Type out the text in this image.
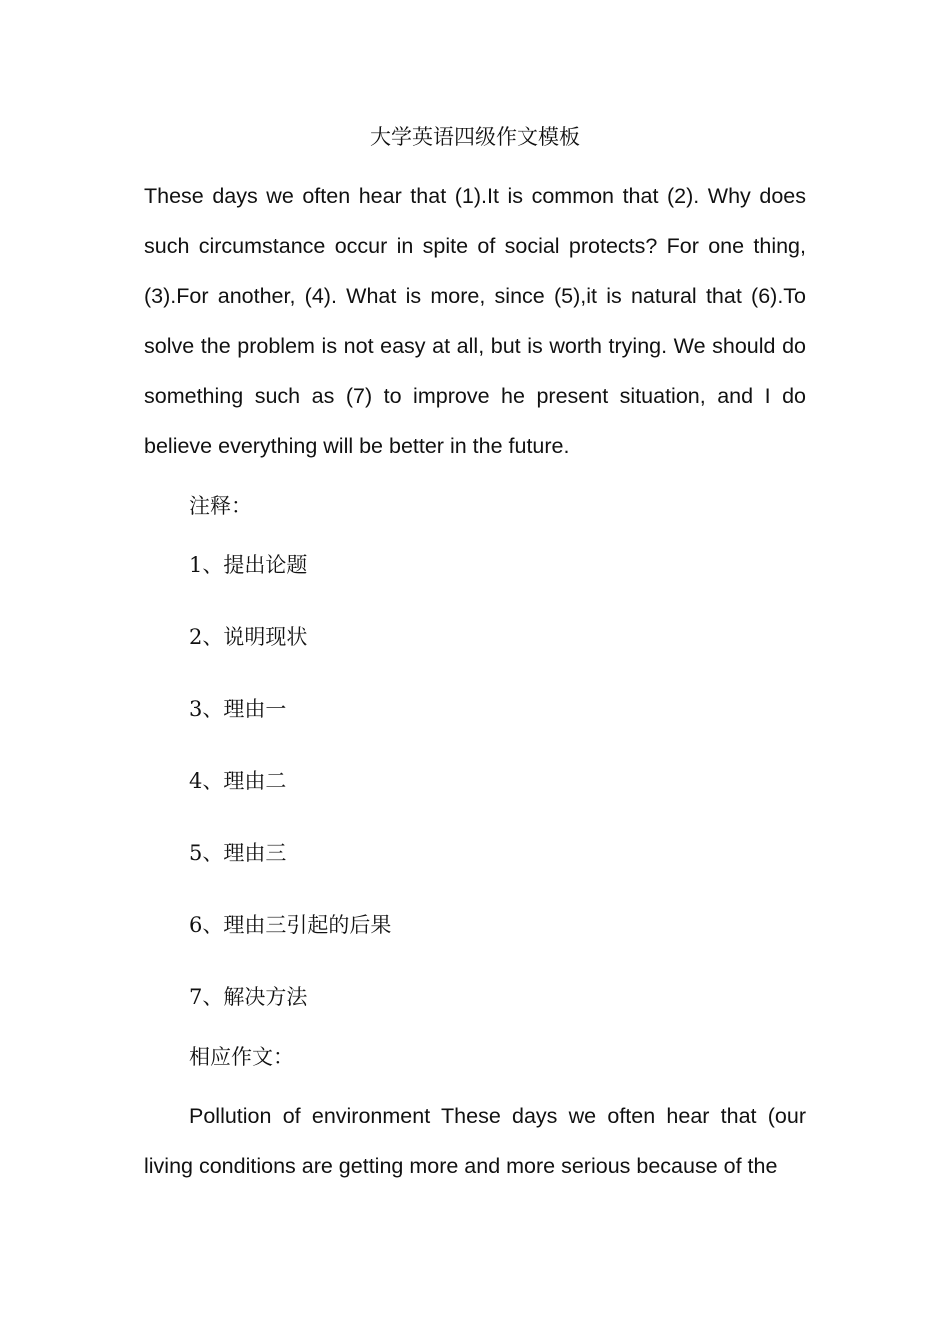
大学英语四级作文模板

These days we often hear that (1).It is common that (2). Why does such circumstance occur in spite of social protects? For one thing, (3).For another, (4). What is more, since (5),it is natural that (6).To solve the problem is not easy at all, but is worth trying. We should do something such as (7) to improve he present situation, and I do believe everything will be better in the future.

注释：
1、提出论题
2、说明现状
3、理由一
4、理由二
5、理由三
6、理由三引起的后果
7、解决方法
相应作文：

Pollution of environment These days we often hear that (our living conditions are getting more and more serious because of the
